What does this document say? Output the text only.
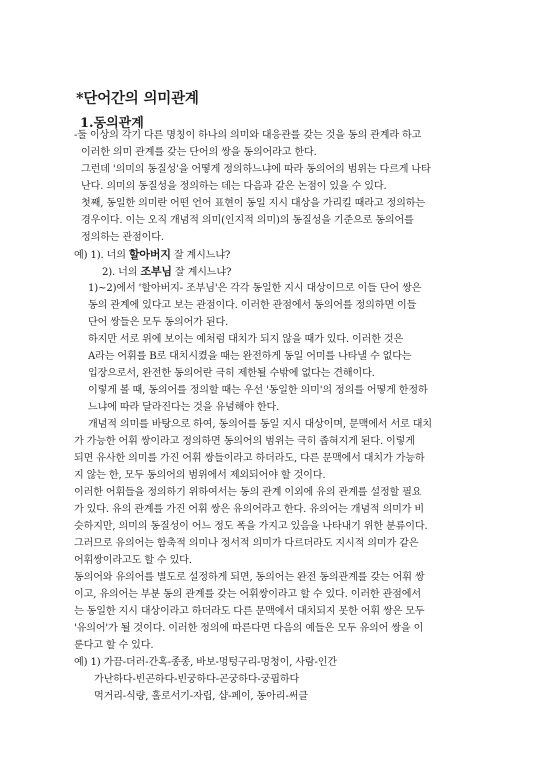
*단어간의 의미관계
1.동의관계
-둘 이상의 각기 다른 명칭이 하나의 의미와 대응관를 갖는 것을 동의 관계라 하고
이러한 의미 관계를 갖는 단어의 쌍을 동의어라고 한다.
그런데 '의미의 동질성'을 어떻게 정의하느냐에 따라 동의어의 범위는 다르게 나타
난다. 의미의 동질성을 정의하는 데는 다음과 같은 논점이 있을 수 있다.
첫째, 동일한 의미란 어떤 언어 표현이 동일 지시 대상을 가리킬 때라고 정의하는
경우이다. 이는 오직 개념적 의미(인지적 의미)의 동질성을 기준으로 동의어를
정의하는 관점이다.
예) 1). 너의 할아버지 잘 계시느냐?
2). 너의 조부님 잘 계시느냐?
1)~2)에서 '할아버지- 조부님'은 각각 동일한 지시 대상이므로 이들 단어 쌍은
동의 관계에 있다고 보는 관점이다. 이러한 관점에서 동의어를 정의하면 이들
단어 쌍들은 모두 동의어가 된다.
하지만 서로 위에 보이는 예처럼 대치가 되지 않을 때가 있다. 이러한 것은
A라는 어휘를 B로 대치시켰을 때는 완전하게 동일 어미를 나타낼 수 없다는
입장으로서, 완전한 동의어란 극히 제한될 수밖에 없다는 견해이다.
이렇게 볼 때, 동의어를 정의할 때는 우선 '동일한 의미'의 정의를 어떻게 한정하
느냐에 따라 달라진다는 것을 유념해야 한다.
개념적 의미를 바탕으로 하여, 동의어를 동일 지시 대상이며, 문맥에서 서로 대치
가 가능한 어휘 쌍이라고 정의하면 동의어의 범위는 극히 좁혀지게 된다. 이렇게
되면 유사한 의미를 가진 어휘 쌍들이라고 하더라도, 다른 문맥에서 대치가 가능하
지 않는 한, 모두 동의어의 범위에서 제외되어야 할 것이다.
이러한 어휘들을 정의하기 위하여서는 동의 관계 이외에 유의 관계를 설정할 필요
가 있다. 유의 관계를 가진 어휘 쌍은 유의어라고 한다. 유의어는 개념적 의미가 비
슷하지만, 의미의 동질성이 어느 정도 폭을 가지고 있음을 나타내기 위한 분류이다.
그러므로 유의어는 함축적 의미나 정서적 의미가 다르더라도 지시적 의미가 같은
어휘쌍이라고도 할 수 있다.
동의어와 유의어를 별도로 설정하게 되면, 동의어는 완전 동의관계를 갖는 어휘 쌍
이고, 유의어는 부분 동의 관계를 갖는 어휘쌍이라고 할 수 있다. 이러한 관점에서
는 동일한 지시 대상이라고 하더라도 다른 문맥에서 대치되지 못한 어휘 쌍은 모두
'유의어'가 될 것이다. 이러한 정의에 따른다면 다음의 예들은 모두 유의어 쌍을 이
룬다고 할 수 있다.
예) 1) 가끔-더러-간혹-종종, 바보-멍텅구리-멍청이, 사람-인간
가난하다-빈곤하다-빈궁하다-곤궁하다-궁핍하다
먹거리-식량, 홀로서기-자립, 샵-페이, 동아리-써클
